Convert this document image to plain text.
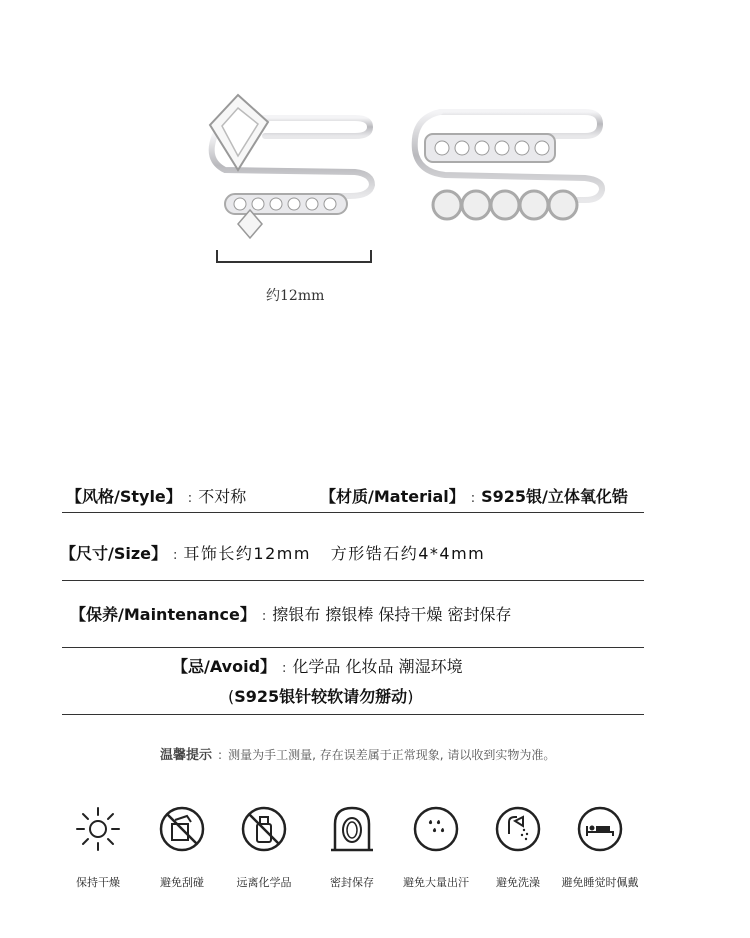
约12mm
【风格/Style】 : 不对称	【材质/Material】 : S925银/立体氧化锆
【尺寸/Size】 : 耳饰长约12mm   方形锆石约4*4mm
【保养/Maintenance】 : 擦银布 擦银棒 保持干燥 密封保存
【忌/Avoid】 : 化学品 化妆品 潮湿环境
(S925银针较软请勿掰动)
温馨提示 : 测量为手工测量, 存在误差属于正常现象, 请以收到实物为准。
保持干燥	避免刮碰	远离化学品	密封保存	避免大量出汗	避免洗澡	避免睡觉时佩戴
